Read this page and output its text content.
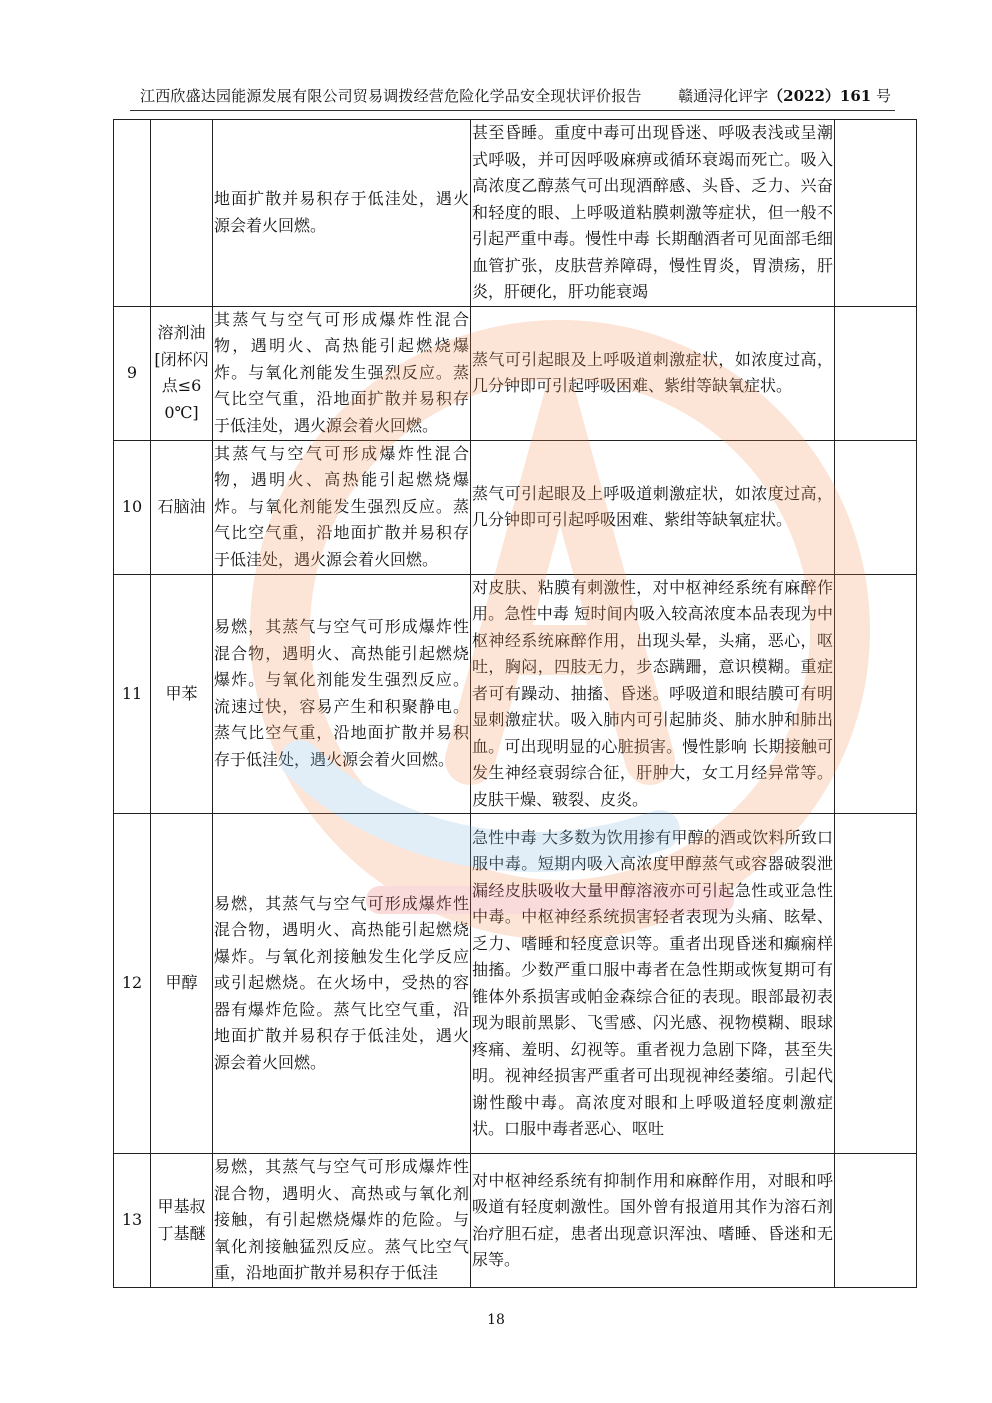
江西欣盛达园能源发展有限公司贸易调拨经营危险化学品安全现状评价报告 赣通浔化评字（2022）161 号
		地面扩散并易积存于低洼处，遇火源会着火回燃。	甚至昏睡。重度中毒可出现昏迷、呼吸表浅或呈潮式呼吸，并可因呼吸麻痹或循环衰竭而死亡。吸入高浓度乙醇蒸气可出现酒醉感、头昏、乏力、兴奋和轻度的眼、上呼吸道粘膜刺激等症状，但一般不引起严重中毒。慢性中毒 长期酗酒者可见面部毛细血管扩张，皮肤营养障碍，慢性胃炎，胃溃疡，肝炎，肝硬化，肝功能衰竭	
9	溶剂油[闭杯闪点≤60℃]	其蒸气与空气可形成爆炸性混合物，遇明火、高热能引起燃烧爆炸。与氧化剂能发生强烈反应。蒸气比空气重，沿地面扩散并易积存于低洼处，遇火源会着火回燃。	蒸气可引起眼及上呼吸道刺激症状，如浓度过高，几分钟即可引起呼吸困难、紫绀等缺氧症状。	
10	石脑油	其蒸气与空气可形成爆炸性混合物，遇明火、高热能引起燃烧爆炸。与氧化剂能发生强烈反应。蒸气比空气重，沿地面扩散并易积存于低洼处，遇火源会着火回燃。	蒸气可引起眼及上呼吸道刺激症状，如浓度过高，几分钟即可引起呼吸困难、紫绀等缺氧症状。	
11	甲苯	易燃，其蒸气与空气可形成爆炸性混合物，遇明火、高热能引起燃烧爆炸。与氧化剂能发生强烈反应。流速过快，容易产生和积聚静电。蒸气比空气重，沿地面扩散并易积存于低洼处，遇火源会着火回燃。	对皮肤、粘膜有刺激性，对中枢神经系统有麻醉作用。急性中毒 短时间内吸入较高浓度本品表现为中枢神经系统麻醉作用，出现头晕，头痛，恶心，呕吐，胸闷，四肢无力，步态蹒跚，意识模糊。重症者可有躁动、抽搐、昏迷。呼吸道和眼结膜可有明显刺激症状。吸入肺内可引起肺炎、肺水肿和肺出血。可出现明显的心脏损害。慢性影响 长期接触可发生神经衰弱综合征，肝肿大，女工月经异常等。皮肤干燥、皲裂、皮炎。	
12	甲醇	易燃，其蒸气与空气可形成爆炸性混合物，遇明火、高热能引起燃烧爆炸。与氧化剂接触发生化学反应或引起燃烧。在火场中，受热的容器有爆炸危险。蒸气比空气重，沿地面扩散并易积存于低洼处，遇火源会着火回燃。	急性中毒 大多数为饮用掺有甲醇的酒或饮料所致口服中毒。短期内吸入高浓度甲醇蒸气或容器破裂泄漏经皮肤吸收大量甲醇溶液亦可引起急性或亚急性中毒。中枢神经系统损害轻者表现为头痛、眩晕、乏力、嗜睡和轻度意识等。重者出现昏迷和癫痫样抽搐。少数严重口服中毒者在急性期或恢复期可有锥体外系损害或帕金森综合征的表现。眼部最初表现为眼前黑影、飞雪感、闪光感、视物模糊、眼球疼痛、羞明、幻视等。重者视力急剧下降，甚至失明。视神经损害严重者可出现视神经萎缩。引起代谢性酸中毒。高浓度对眼和上呼吸道轻度刺激症状。口服中毒者恶心、呕吐	
13	甲基叔丁基醚	易燃，其蒸气与空气可形成爆炸性混合物，遇明火、高热或与氧化剂接触，有引起燃烧爆炸的危险。与氧化剂接触猛烈反应。蒸气比空气重，沿地面扩散并易积存于低洼	对中枢神经系统有抑制作用和麻醉作用，对眼和呼吸道有轻度刺激性。国外曾有报道用其作为溶石剂治疗胆石症，患者出现意识浑浊、嗜睡、昏迷和无尿等。	
18
